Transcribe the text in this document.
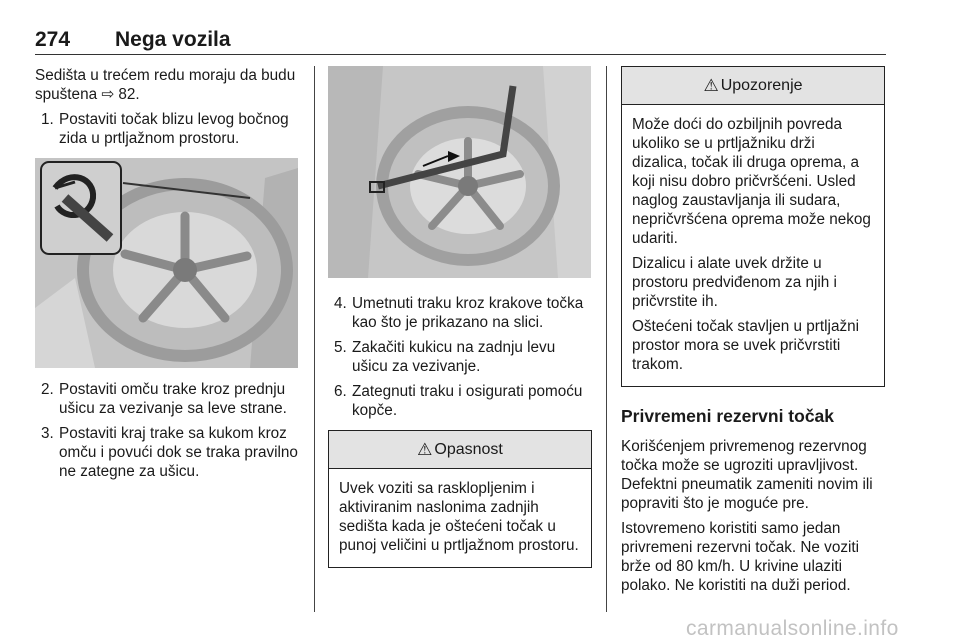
274 Nega vozila

Sedišta u trećem redu moraju da budu spuštena ⇨ 82.

1. Postaviti točak blizu levog bočnog zida u prtljažnom prostoru.
2. Postaviti omču trake kroz prednju ušicu za vezivanje sa leve strane.
3. Postaviti kraj trake sa kukom kroz omču i povući dok se traka pravilno ne zategne za ušicu.
4. Umetnuti traku kroz krakove točka kao što je prikazano na slici.
5. Zakačiti kukicu na zadnju levu ušicu za vezivanje.
6. Zategnuti traku i osigurati pomoću kopče.
⚠ Opasnost

Uvek voziti sa rasklopljenim i aktiviranim naslonima zadnjih sedišta kada je oštećeni točak u punoj veličini u prtljažnom prostoru.

⚠ Upozorenje

Može doći do ozbiljnih povreda ukoliko se u prtljažniku drži dizalica, točak ili druga oprema, a koji nisu dobro pričvršćeni. Usled naglog zaustavljanja ili sudara, nepričvršćena oprema može nekog udariti.

Dizalicu i alate uvek držite u prostoru predviđenom za njih i pričvrstite ih.

Oštećeni točak stavljen u prtljažni prostor mora se uvek pričvrstiti trakom.

Privremeni rezervni točak

Korišćenjem privremenog rezervnog točka može se ugroziti upravljivost. Defektni pneumatik zameniti novim ili popraviti što je moguće pre.

Istovremeno koristiti samo jedan privremeni rezervni točak. Ne voziti brže od 80 km/h. U krivine ulaziti polako. Ne koristiti na duži period.

carmanualsonline.info
